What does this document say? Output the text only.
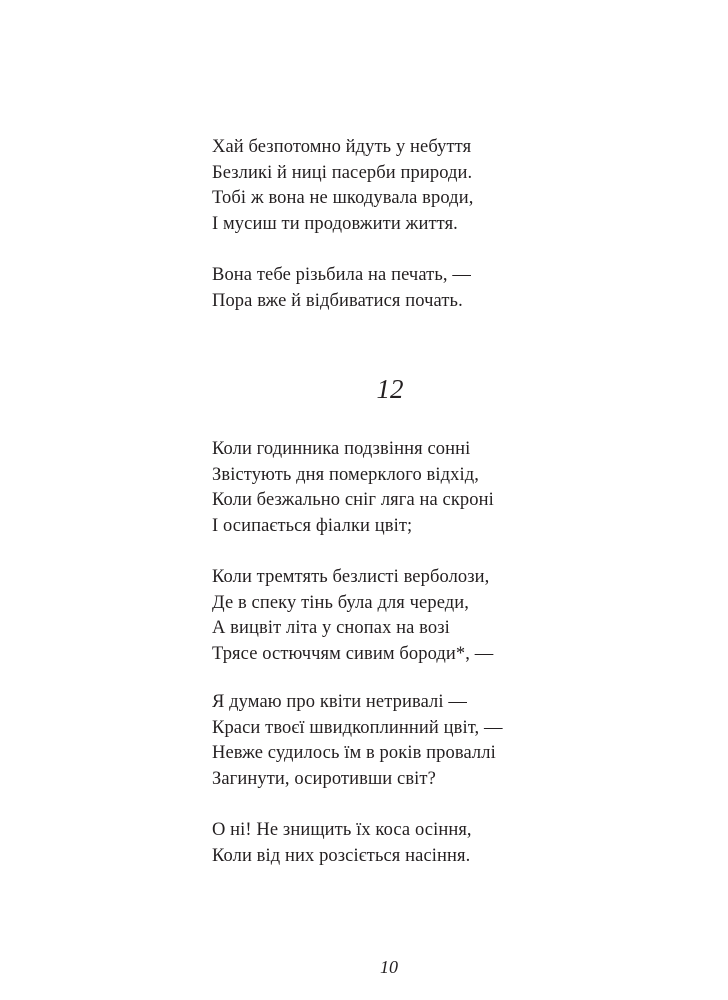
Хай безпотомно йдуть у небуття
Безликі й ниці пасерби природи.
Тобі ж вона не шкодувала вроди,
І мусиш ти продовжити життя.
Вона тебе різьбила на печать, —
Пора вже й відбиватися почать.
12
Коли годинника подзвіння сонні
Звістують дня померклого відхід,
Коли безжально сніг ляга на скроні
І осипається фіалки цвіт;
Коли тремтять безлисті верболози,
Де в спеку тінь була для череди,
А вицвіт літа у снопах на возі
Трясе остюччям сивим бороди*, —
Я думаю про квіти нетривалі —
Краси твоєї швидкоплинний цвіт, —
Невже судилось їм в років проваллі
Загинути, осиротивши світ?
О ні! Не знищить їх коса осіння,
Коли від них розсіється насіння.
10
